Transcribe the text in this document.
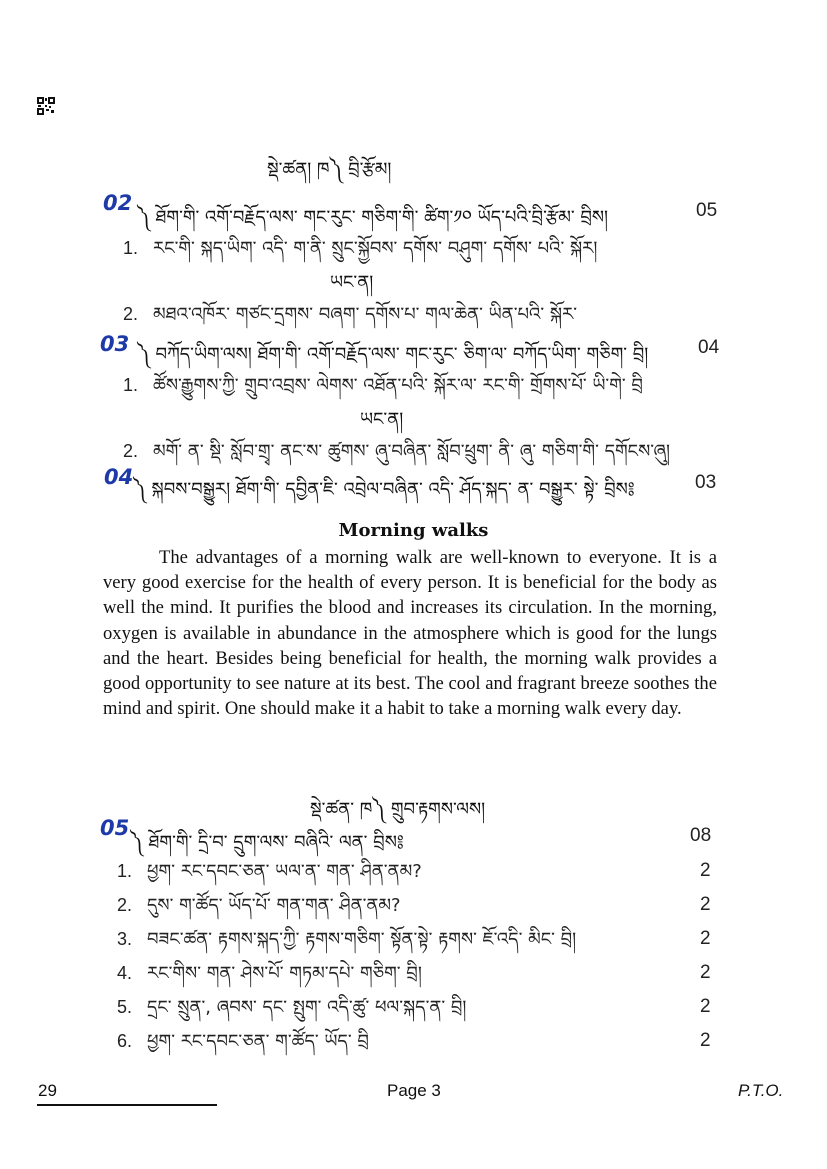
སྡེ་ཚན། ཁ༽ བྲི་རྩོམ།
02
༽ ཐོག་གི་ འགོ་བརྗོད་ལས་ གང་རུང་ གཅིག་གི་ ཚིག་༡༠ ཡོད་པའི་བྲི་རྩོམ་ བྲིས།	05
1. རང་གི་ སྐད་ཡིག་ འདི་ ག་ནི་ སྲུང་སྐྱོབས་ དགོས་ བཤུག་ དགོས་ པའི་ སྐོར།
ཡང་ན།
2. མཐའ་འཁོར་ གཙང་དྲགས་ བཞག་ དགོས་པ་ གལ་ཆེན་ ཡིན་པའི་ སྐོར་
03 ༽ བཀོད་ཡིག་ལས། ཐོག་གི་ འགོ་བརྗོད་ལས་ གང་རུང་ ཅིག་ལ་ བཀོད་ཡིག་ གཅིག་ བྲི།	04
1. ཚོས་རྒྱུགས་ཀྱི་ གྲུབ་འབྲས་ ལེགས་ འཐོན་པའི་ སྐོར་ལ་ རང་གི་ གྲོགས་པོ་ ཡི་གེ་ བྲི
ཡང་ན།
2. མགོ་ ན་ སྡི་ སློབ་གྲྭ་ ནང་ས་ ཚུགས་ ཞུ་བཞིན་ སློབ་ཕྲུག་ ནི་ ཞུ་ གཅིག་གི་ དགོངས་ཞུ།
04
༽ སྐབས་བསྒྱུར། ཐོག་གི་ དབྱིན་ཇི་ འབྲེལ་བཞིན་ འདི་ ཤོད་སྐད་ ན་ བསྒྱུར་ སྟེ་ བྲིས༔	03
Morning walks
The advantages of a morning walk are well-known to everyone. It is a very good exercise for the health of every person. It is beneficial for the body as well the mind. It purifies the blood and increases its circulation. In the morning, oxygen is available in abundance in the atmosphere which is good for the lungs and the heart. Besides being beneficial for health, the morning walk provides a good opportunity to see nature at its best. The cool and fragrant breeze soothes the mind and spirit. One should make it a habit to take a morning walk every day.
སྡེ་ཚན་ ཁ༽ གྲུབ་རྟགས་ལས།
05
༽ ཐོག་གི་ དྲི་བ་ དྲུག་ལས་ བཞིའི་ ལན་ བྲིས༔	08
1. ཕྱག་ རང་དབང་ཅན་ ཡལ་ན་ གན་ ཤིན་ནམ?	2
2. དུས་ ག་ཚོད་ ཡོད་པོ་ གན་གན་ ཤིན་ནམ?	2
3. བཟང་ཚན་ རྟགས་སྐད་ཀྱི་ རྟགས་གཅིག་ སྟོན་སྟེ་ རྟགས་ ཇོ་འདི་ མིང་ བྲི།	2
4. རང་གིས་ གན་ ཤེས་པོ་ གཏམ་དཔེ་ གཅིག་ བྲི།	2
5. དྲང་ སྲུན་, ཞབས་ དང་ སྤུག་ འདི་ཚུ་ ཕལ་སྐད་ན་ བྲི།	2
6. ཕྱག་ རང་དབང་ཅན་ ག་ཚོད་ ཡོད་ བྲི	2
29	Page 3	P.T.O.
